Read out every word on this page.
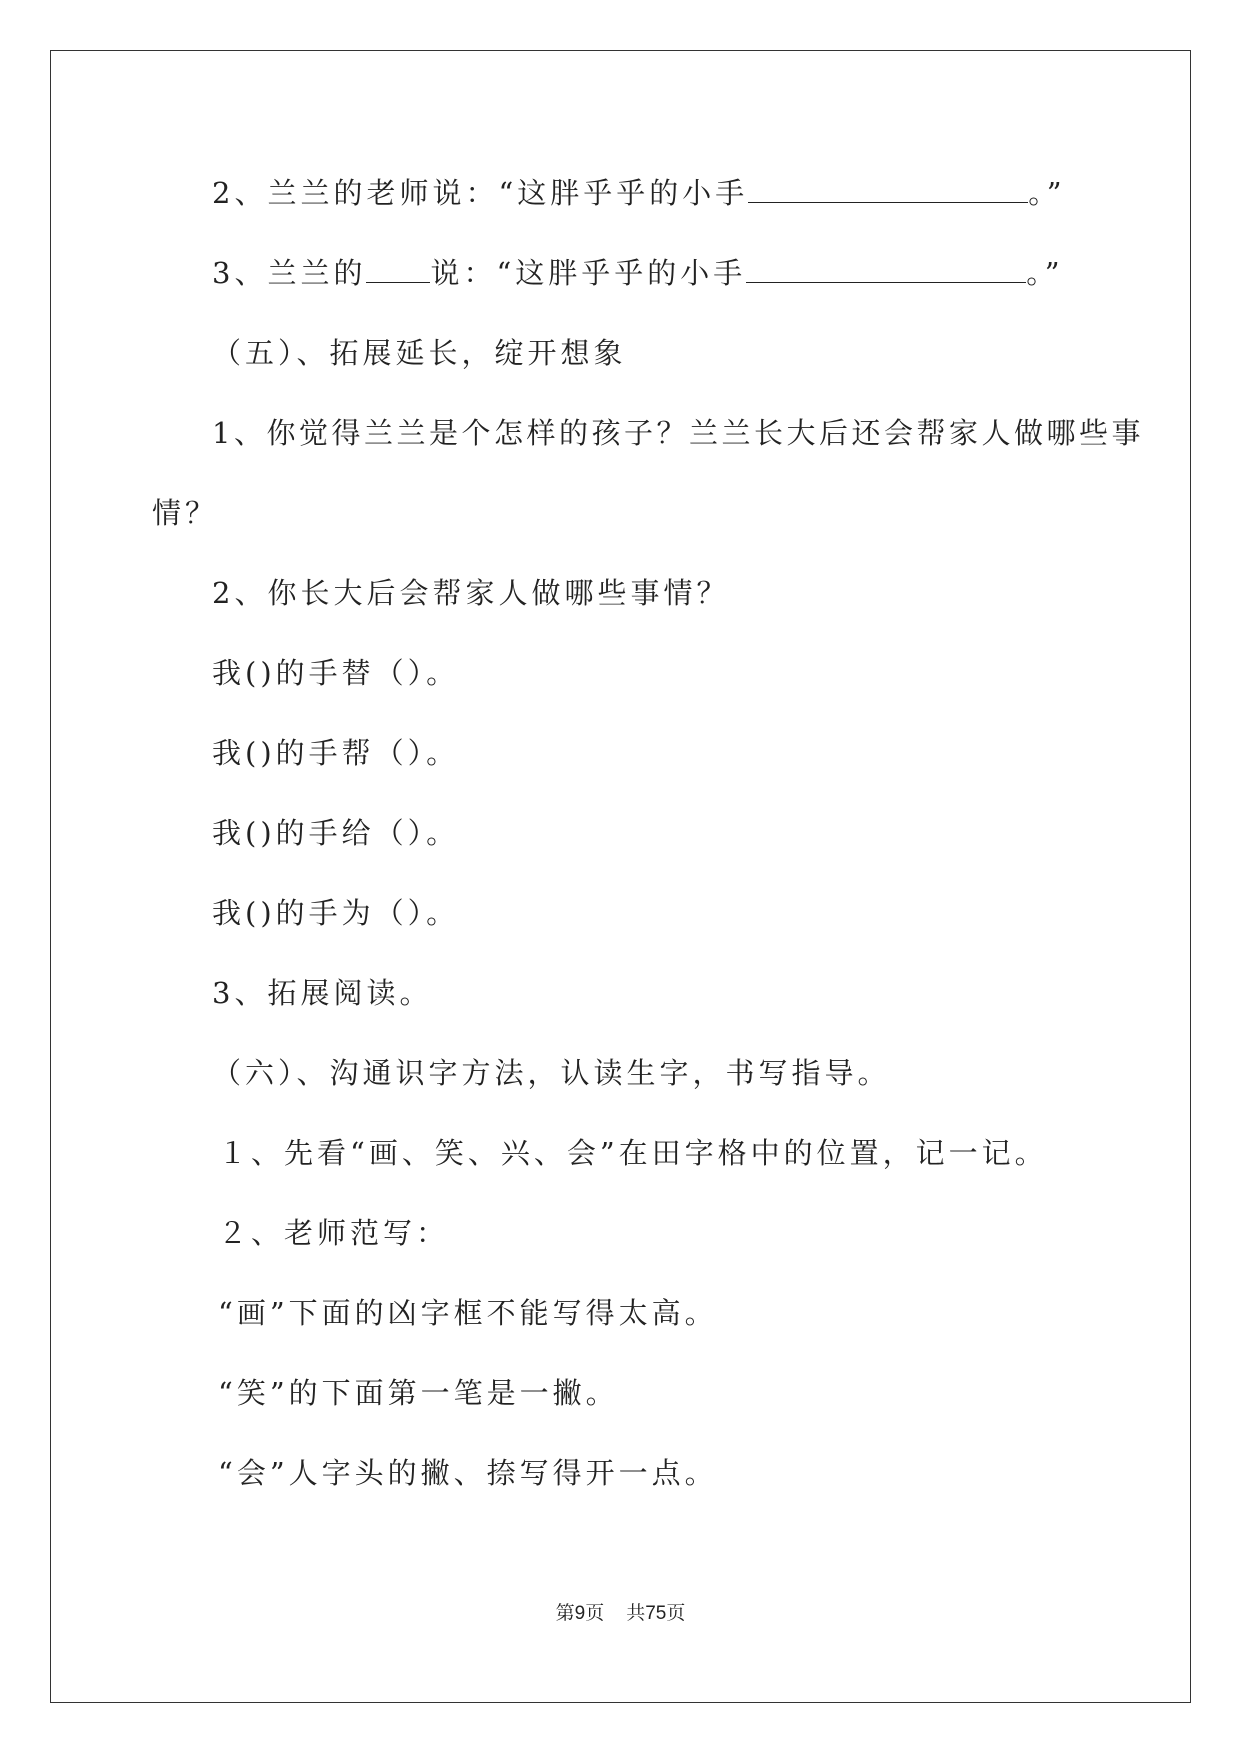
2、兰兰的老师说：“这胖乎乎的小手	。”
3、兰兰的 说：“这胖乎乎的小手	。”
（五）、拓展延长，绽开想象
1、你觉得兰兰是个怎样的孩子？兰兰长大后还会帮家人做哪些事
情？
2、你长大后会帮家人做哪些事情？
我()的手替（）。
我()的手帮（）。
我()的手给（）。
我()的手为（）。
3、拓展阅读。
（六）、沟通识字方法，认读生字，书写指导。
１、先看“画、笑、兴、会”在田字格中的位置，记一记。
２、老师范写：
“画”下面的凶字框不能写得太高。
“笑”的下面第一笔是一撇。
“会”人字头的撇、捺写得开一点。
第9页 共75页
